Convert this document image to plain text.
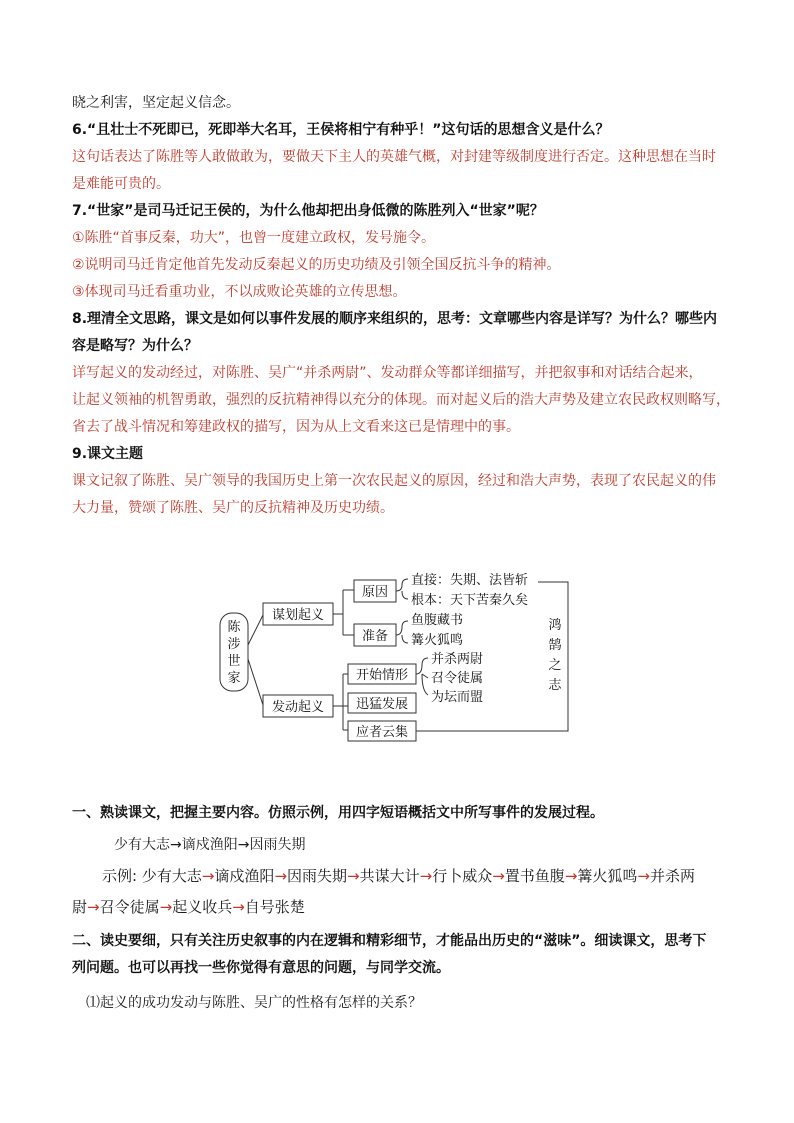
晓之利害，坚定起义信念。

6.“且壮士不死即已，死即举大名耳，王侯将相宁有种乎！”这句话的思想含义是什么？

这句话表达了陈胜等人敢做敢为，要做天下主人的英雄气概，对封建等级制度进行否定。这种思想在当时

是难能可贵的。

7.“世家”是司马迁记王侯的，为什么他却把出身低微的陈胜列入“世家”呢？

①陈胜“首事反秦，功大”，也曾一度建立政权，发号施令。

②说明司马迁肯定他首先发动反秦起义的历史功绩及引领全国反抗斗争的精神。

③体现司马迁看重功业，不以成败论英雄的立传思想。

8.理清全文思路，课文是如何以事件发展的顺序来组织的，思考：文章哪些内容是详写？为什么？哪些内

容是略写？为什么？

详写起义的发动经过，对陈胜、吴广“并杀两尉”、发动群众等都详细描写，并把叙事和对话结合起来，

让起义领袖的机智勇敢，强烈的反抗精神得以充分的体现。而对起义后的浩大声势及建立农民政权则略写，

省去了战斗情况和筹建政权的描写，因为从上文看来这已是情理中的事。

9.课文主题

课文记叙了陈胜、吴广领导的我国历史上第一次农民起义的原因，经过和浩大声势，表现了农民起义的伟

大力量，赞颂了陈胜、吴广的反抗精神及历史功绩。

陈
涉
世
家
谋划起义
原因
准备
直接：失期、法皆斩
根本：天下苦秦久矣
鱼腹藏书
篝火狐鸣
发动起义
开始情形
迅猛发展
应者云集
并杀两尉
召令徒属
为坛而盟
鸿
鹄
之
志

一、熟读课文，把握主要内容。仿照示例，用四字短语概括文中所写事件的发展过程。

少有大志→谪戍渔阳→因雨失期

示例: 少有大志→谪戍渔阳→因雨失期→共谋大计→行卜威众→置书鱼腹→篝火狐鸣→并杀两

尉→召令徒属→起义收兵→自号张楚

二、读史要细，只有关注历史叙事的内在逻辑和精彩细节，才能品出历史的“滋味”。细读课文，思考下

列问题。也可以再找一些你觉得有意思的问题，与同学交流。

⑴起义的成功发动与陈胜、吴广的性格有怎样的关系？
